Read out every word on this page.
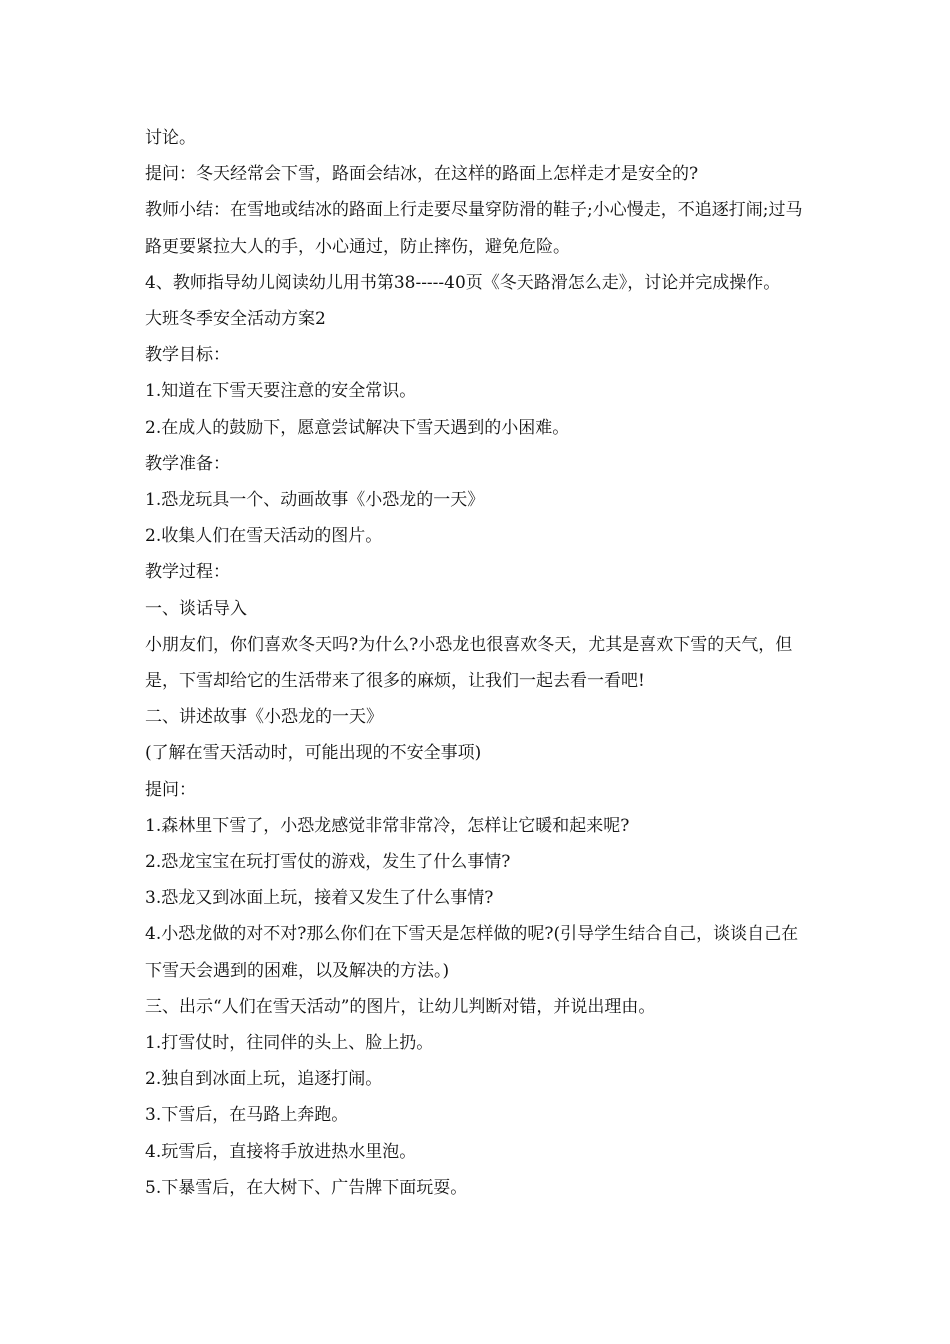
讨论。

提问：冬天经常会下雪，路面会结冰，在这样的路面上怎样走才是安全的?

教师小结：在雪地或结冰的路面上行走要尽量穿防滑的鞋子;小心慢走，不追逐打闹;过马路更要紧拉大人的手，小心通过，防止摔伤，避免危险。

4、教师指导幼儿阅读幼儿用书第38-----40页《冬天路滑怎么走》，讨论并完成操作。

大班冬季安全活动方案2

教学目标：

1.知道在下雪天要注意的安全常识。

2.在成人的鼓励下，愿意尝试解决下雪天遇到的小困难。

教学准备：

1.恐龙玩具一个、动画故事《小恐龙的一天》

2.收集人们在雪天活动的图片。

教学过程：

一、谈话导入

小朋友们，你们喜欢冬天吗?为什么?小恐龙也很喜欢冬天，尤其是喜欢下雪的天气，但是，下雪却给它的生活带来了很多的麻烦，让我们一起去看一看吧!

二、讲述故事《小恐龙的一天》

(了解在雪天活动时，可能出现的不安全事项)

提问：

1.森林里下雪了，小恐龙感觉非常非常冷，怎样让它暖和起来呢?

2.恐龙宝宝在玩打雪仗的游戏，发生了什么事情?

3.恐龙又到冰面上玩，接着又发生了什么事情?

4.小恐龙做的对不对?那么你们在下雪天是怎样做的呢?(引导学生结合自己，谈谈自己在下雪天会遇到的困难，以及解决的方法。)

三、出示“人们在雪天活动”的图片，让幼儿判断对错，并说出理由。

1.打雪仗时，往同伴的头上、脸上扔。

2.独自到冰面上玩，追逐打闹。

3.下雪后，在马路上奔跑。

4.玩雪后，直接将手放进热水里泡。

5.下暴雪后，在大树下、广告牌下面玩耍。
